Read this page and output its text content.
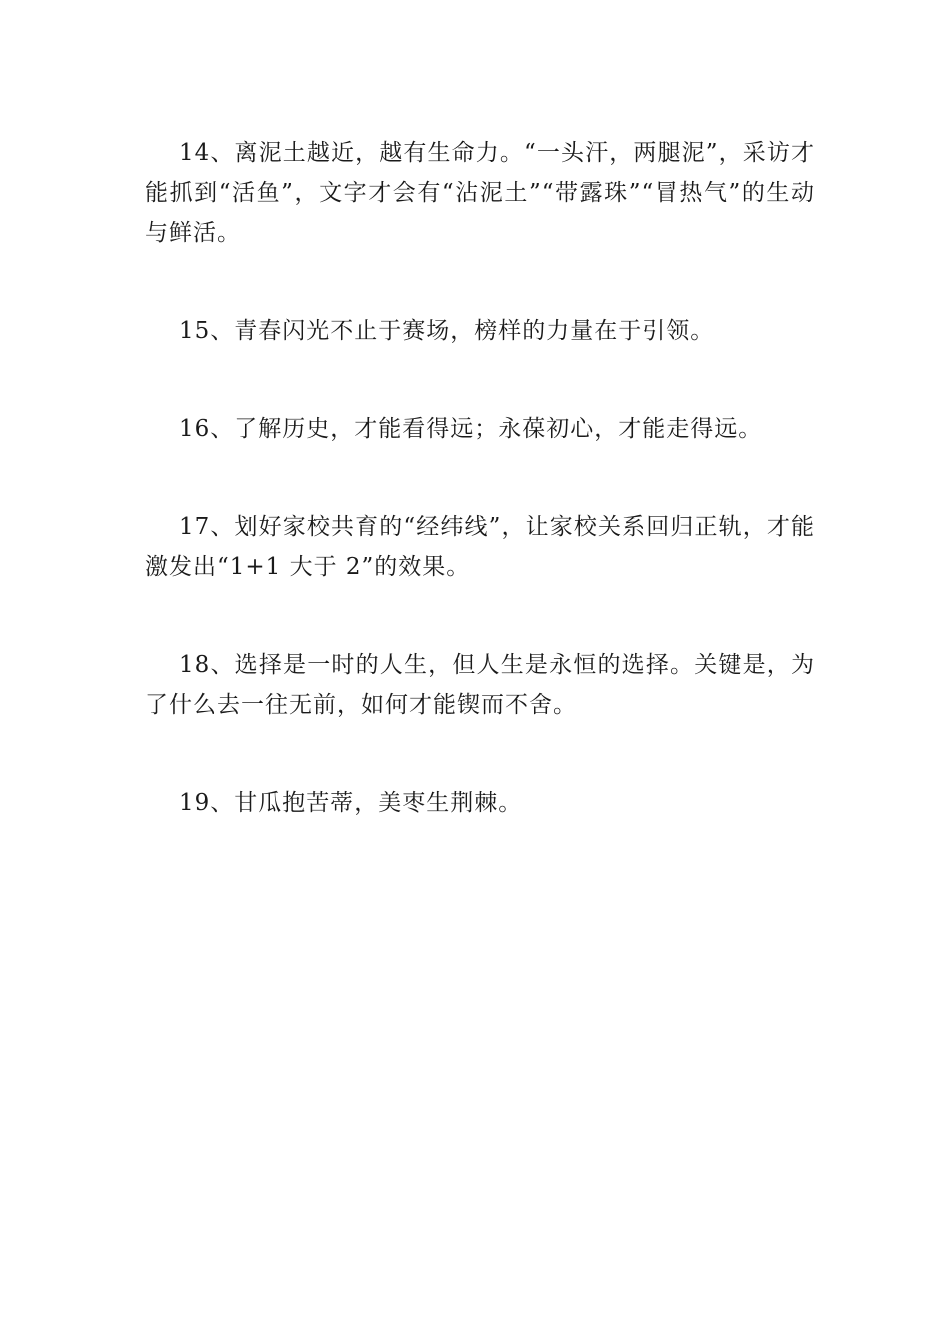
14、离泥土越近，越有生命力。“一头汗，两腿泥”，采访才能抓到“活鱼”，文字才会有“沾泥土”“带露珠”“冒热气”的生动与鲜活。

15、青春闪光不止于赛场，榜样的力量在于引领。

16、了解历史，才能看得远；永葆初心，才能走得远。

17、划好家校共育的“经纬线”，让家校关系回归正轨，才能激发出“1+1 大于 2”的效果。

18、选择是一时的人生，但人生是永恒的选择。关键是，为了什么去一往无前，如何才能锲而不舍。

19、甘瓜抱苦蒂，美枣生荆棘。
